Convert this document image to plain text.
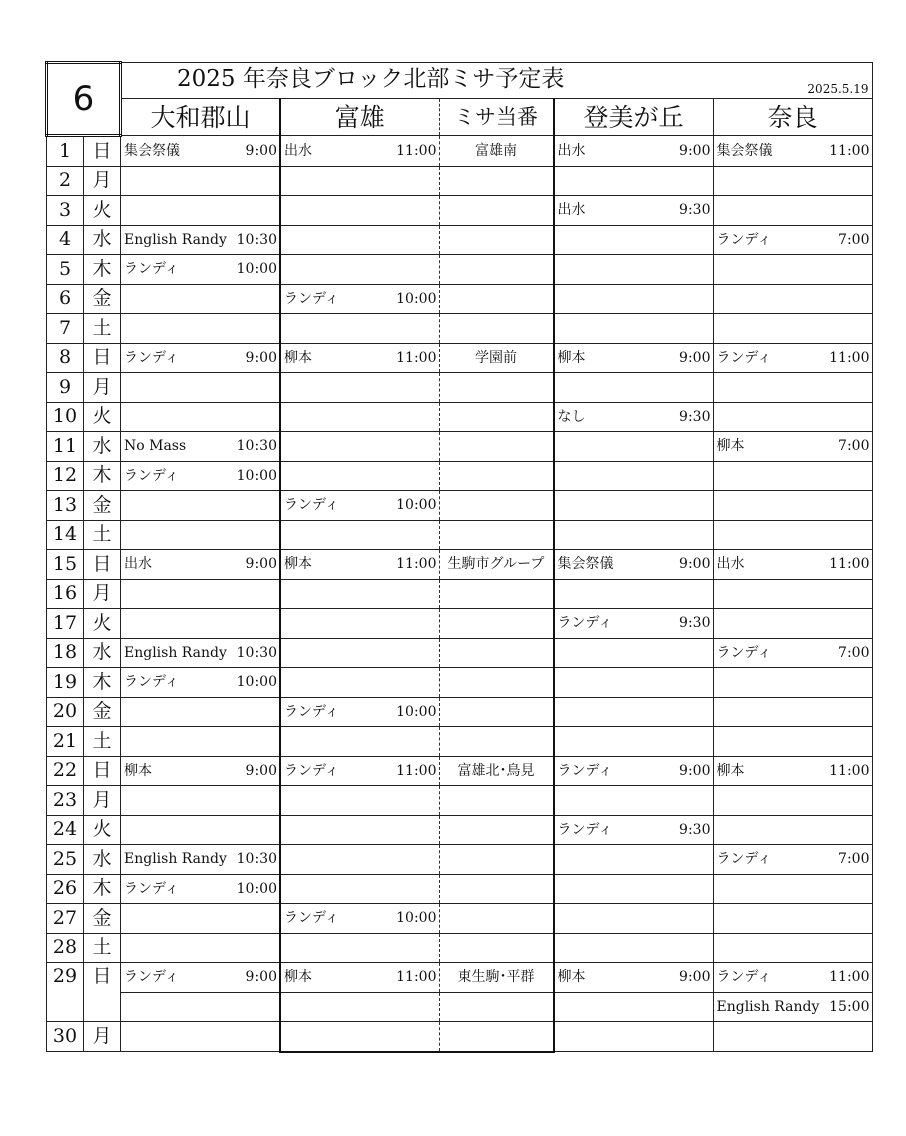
6		2025 年奈良ブロック北部ミサ予定表 2025.5.19				

		大和郡山	富雄	ミサ当番	登美が丘	奈良
1	日	集会祭儀 9:00	出水 11:00	富雄南	出水 9:00	集会祭儀 11:00

2	月	

3	火				出水 9:30	

4	水	English Randy 10:30				ランディ 7:00

5	木	ランディ 10:00				

6	金		ランディ 10:00			

7	土	

8	日	ランディ 9:00	柳本 11:00	学園前	柳本 9:00	ランディ 11:00

9	月	

10	火				なし 9:30	

11	水	No Mass 10:30				柳本 7:00

12	木	ランディ 10:00				

13	金		ランディ 10:00			

14	土	

15	日	出水 9:00	柳本 11:00	生駒市グループ	集会祭儀 9:00	出水 11:00

16	月	

17	火				ランディ 9:30	

18	水	English Randy 10:30				ランディ 7:00

19	木	ランディ 10:00				

20	金		ランディ 10:00			

21	土	

22	日	柳本 9:00	ランディ 11:00	富雄北･鳥見	ランディ 9:00	柳本 11:00

23	月	

24	火				ランディ 9:30	

25	水	English Randy 10:30				ランディ 7:00

26	木	ランディ 10:00				

27	金		ランディ 10:00			

28	土	

29	日	ランディ 9:00	柳本 11:00	東生駒･平群	柳本 9:00	ランディ 11:00

						English Randy 15:00

30	月					
